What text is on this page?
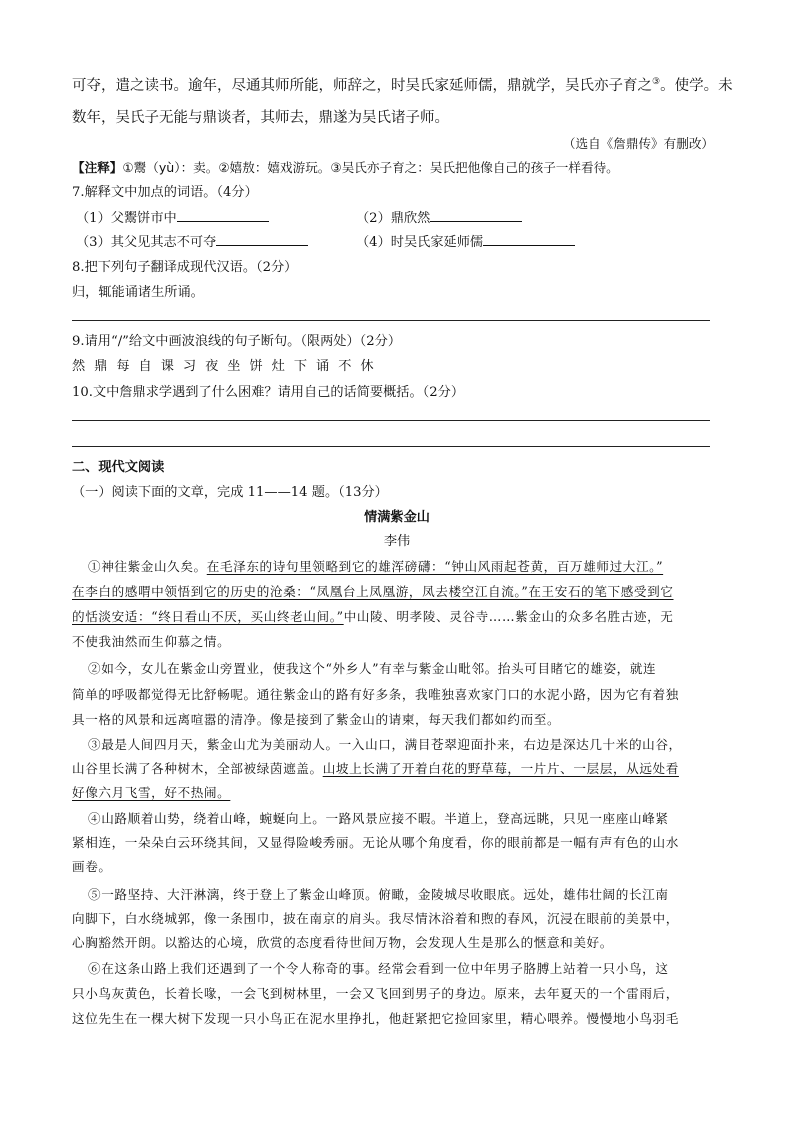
可夺，遣之读书。逾年，尽通其师所能，师辞之，时吴氏家延师儒，鼎就学，吴氏亦子育之③。使学。未
数年，吴氏子无能与鼎谈者，其师去，鼎遂为吴氏诸子师。
（选自《詹鼎传》有删改）
【注释】①鬻（yù）：卖。②嬉敖：嬉戏游玩。③吴氏亦子育之：吴氏把他像自己的孩子一样看待。
7.解释文中加点的词语。（4分）
（1）父鬻饼市中	（2）鼎欣然
（3）其父见其志不可夺	（4）时吴氏家延师儒
8.把下列句子翻译成现代汉语。（2分）
归，辄能诵诸生所诵。
9.请用“/”给文中画波浪线的句子断句。（限两处）（2分）
然鼎每自课习夜坐饼灶下诵不休
10.文中詹鼎求学遇到了什么困难？请用自己的话简要概括。（2分）
二、现代文阅读
（一）阅读下面的文章，完成 11——14 题。（13分）
情满紫金山
李伟
①神往紫金山久矣。在毛泽东的诗句里领略到它的雄浑磅礴：“钟山风雨起苍黄，百万雄师过大江。”
在李白的感喟中领悟到它的历史的沧桑：“凤凰台上凤凰游，凤去楼空江自流。”在王安石的笔下感受到它
的恬淡安适：“终日看山不厌，买山终老山间。”中山陵、明孝陵、灵谷寺……紫金山的众多名胜古迹，无
不使我油然而生仰慕之情。
②如今，女儿在紫金山旁置业，使我这个“外乡人”有幸与紫金山毗邻。抬头可目睹它的雄姿，就连
简单的呼吸都觉得无比舒畅呢。通往紫金山的路有好多条，我唯独喜欢家门口的水泥小路，因为它有着独
具一格的风景和远离喧嚣的清净。像是接到了紫金山的请柬，每天我们都如约而至。
③最是人间四月天，紫金山尤为美丽动人。一入山口，满目苍翠迎面扑来，右边是深达几十米的山谷，
山谷里长满了各种树木，全部被绿茵遮盖。山坡上长满了开着白花的野草莓，一片片、一层层，从远处看
好像六月飞雪，好不热闹。
④山路顺着山势，绕着山峰，蜿蜒向上。一路风景应接不暇。半道上，登高远眺，只见一座座山峰紧
紧相连，一朵朵白云环绕其间，又显得险峻秀丽。无论从哪个角度看，你的眼前都是一幅有声有色的山水
画卷。
⑤一路坚持、大汗淋漓，终于登上了紫金山峰顶。俯瞰，金陵城尽收眼底。远处，雄伟壮阔的长江南
向脚下，白水绕城郭，像一条围巾，披在南京的肩头。我尽情沐浴着和煦的春风，沉浸在眼前的美景中，
心胸豁然开朗。以豁达的心境，欣赏的态度看待世间万物，会发现人生是那么的惬意和美好。
⑥在这条山路上我们还遇到了一个令人称奇的事。经常会看到一位中年男子胳膊上站着一只小鸟，这
只小鸟灰黄色，长着长喙，一会飞到树林里，一会又飞回到男子的身边。原来，去年夏天的一个雷雨后，
这位先生在一棵大树下发现一只小鸟正在泥水里挣扎，他赶紧把它捡回家里，精心喂养。慢慢地小鸟羽毛
